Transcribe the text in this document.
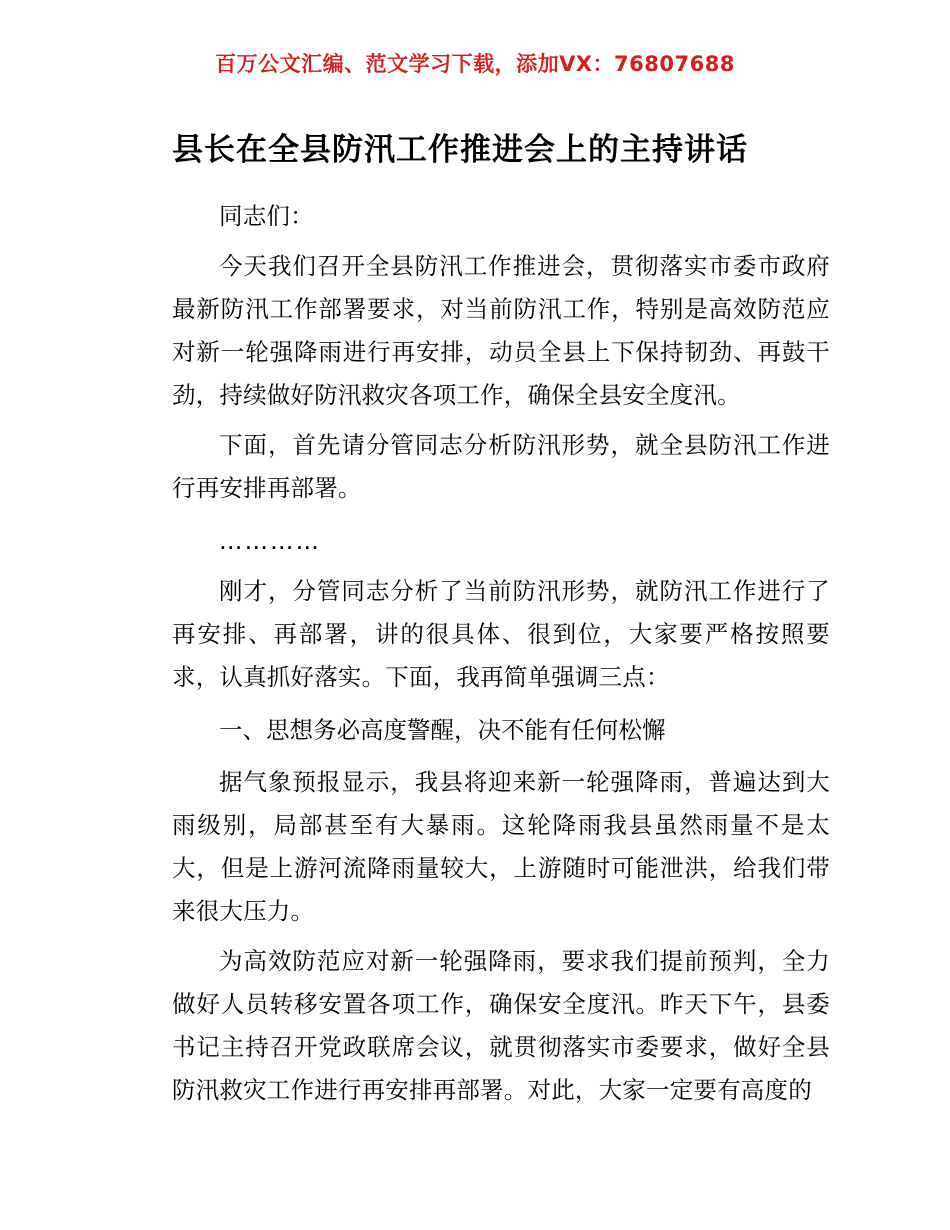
百万公文汇编、范文学习下载，添加VX：76807688
县长在全县防汛工作推进会上的主持讲话

同志们：

今天我们召开全县防汛工作推进会，贯彻落实市委市政府最新防汛工作部署要求，对当前防汛工作，特别是高效防范应对新一轮强降雨进行再安排，动员全县上下保持韧劲、再鼓干劲，持续做好防汛救灾各项工作，确保全县安全度汛。

下面，首先请分管同志分析防汛形势，就全县防汛工作进行再安排再部署。

…………

刚才，分管同志分析了当前防汛形势，就防汛工作进行了再安排、再部署，讲的很具体、很到位，大家要严格按照要求，认真抓好落实。下面，我再简单强调三点：

一、思想务必高度警醒，决不能有任何松懈

据气象预报显示，我县将迎来新一轮强降雨，普遍达到大雨级别，局部甚至有大暴雨。这轮降雨我县虽然雨量不是太大，但是上游河流降雨量较大，上游随时可能泄洪，给我们带来很大压力。

为高效防范应对新一轮强降雨，要求我们提前预判，全力做好人员转移安置各项工作，确保安全度汛。昨天下午，县委书记主持召开党政联席会议，就贯彻落实市委要求，做好全县防汛救灾工作进行再安排再部署。对此，大家一定要有高度的
